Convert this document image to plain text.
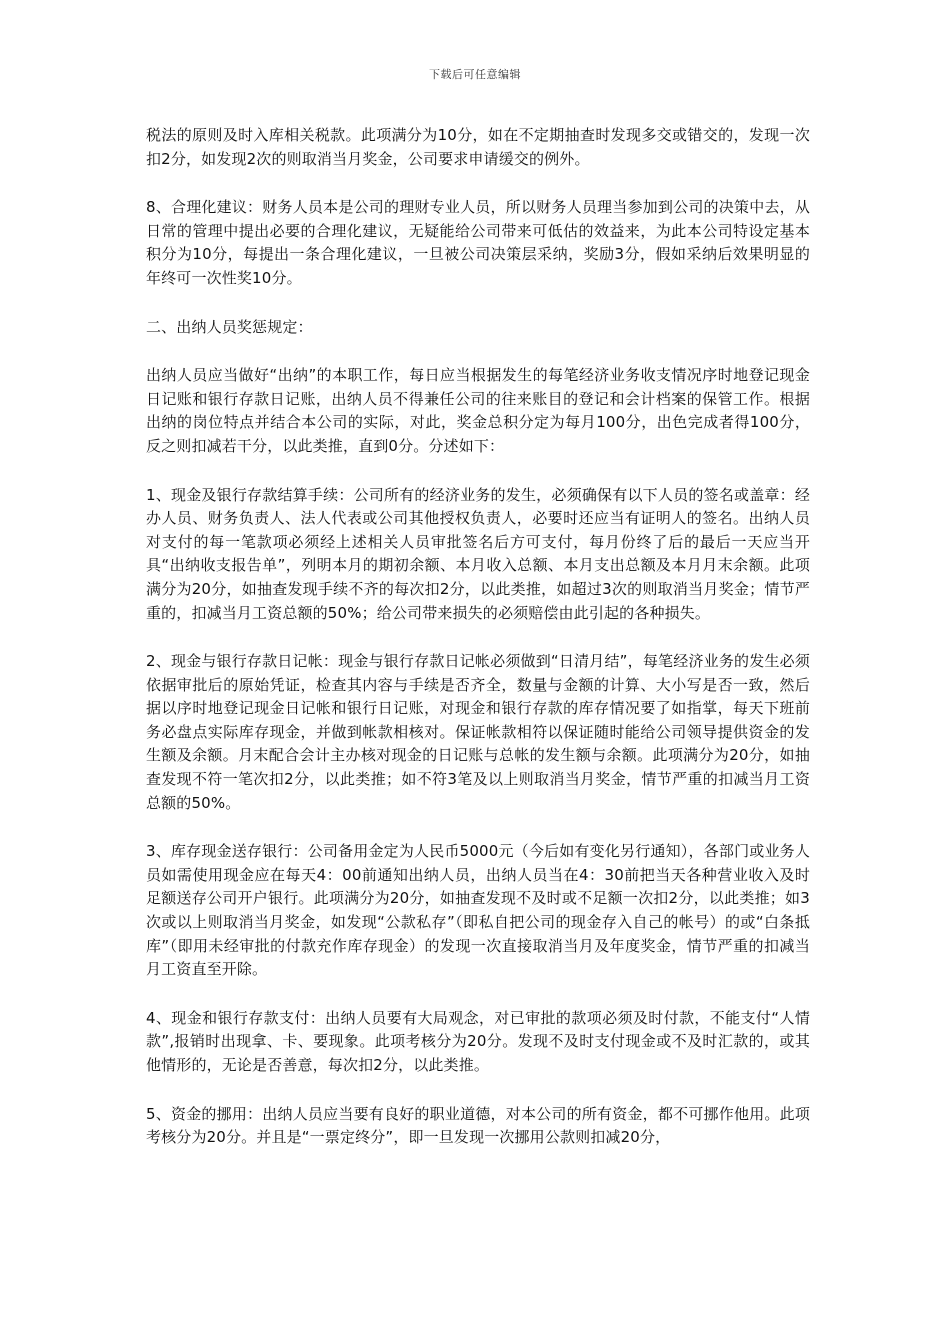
下载后可任意编辑

税法的原则及时入库相关税款。此项满分为10分，如在不定期抽查时发现多交或错交的，发现一次扣2分，如发现2次的则取消当月奖金，公司要求申请缓交的例外。

8、合理化建议：财务人员本是公司的理财专业人员，所以财务人员理当参加到公司的决策中去，从日常的管理中提出必要的合理化建议，无疑能给公司带来可低估的效益来，为此本公司特设定基本积分为10分，每提出一条合理化建议，一旦被公司决策层采纳，奖励3分，假如采纳后效果明显的年终可一次性奖10分。

二、出纳人员奖惩规定：

出纳人员应当做好“出纳”的本职工作，每日应当根据发生的每笔经济业务收支情况序时地登记现金日记账和银行存款日记账，出纳人员不得兼任公司的往来账目的登记和会计档案的保管工作。根据出纳的岗位特点并结合本公司的实际，对此，奖金总积分定为每月100分，出色完成者得100分，反之则扣减若干分，以此类推，直到0分。分述如下：

1、现金及银行存款结算手续：公司所有的经济业务的发生，必须确保有以下人员的签名或盖章：经办人员、财务负责人、法人代表或公司其他授权负责人，必要时还应当有证明人的签名。出纳人员对支付的每一笔款项必须经上述相关人员审批签名后方可支付，每月份终了后的最后一天应当开具“出纳收支报告单”，列明本月的期初余额、本月收入总额、本月支出总额及本月月末余额。此项满分为20分，如抽查发现手续不齐的每次扣2分，以此类推，如超过3次的则取消当月奖金；情节严重的，扣减当月工资总额的50%；给公司带来损失的必须赔偿由此引起的各种损失。

2、现金与银行存款日记帐：现金与银行存款日记帐必须做到“日清月结”，每笔经济业务的发生必须依据审批后的原始凭证，检查其内容与手续是否齐全，数量与金额的计算、大小写是否一致，然后据以序时地登记现金日记帐和银行日记账，对现金和银行存款的库存情况要了如指掌，每天下班前务必盘点实际库存现金，并做到帐款相核对。保证帐款相符以保证随时能给公司领导提供资金的发生额及余额。月末配合会计主办核对现金的日记账与总帐的发生额与余额。此项满分为20分，如抽查发现不符一笔次扣2分，以此类推；如不符3笔及以上则取消当月奖金，情节严重的扣减当月工资总额的50%。

3、库存现金送存银行：公司备用金定为人民币5000元（今后如有变化另行通知），各部门或业务人员如需使用现金应在每天4：00前通知出纳人员，出纳人员当在4：30前把当天各种营业收入及时足额送存公司开户银行。此项满分为20分，如抽查发现不及时或不足额一次扣2分，以此类推；如3次或以上则取消当月奖金，如发现“公款私存”（即私自把公司的现金存入自己的帐号）的或“白条抵库”（即用未经审批的付款充作库存现金）的发现一次直接取消当月及年度奖金，情节严重的扣减当月工资直至开除。

4、现金和银行存款支付：出纳人员要有大局观念，对已审批的款项必须及时付款，不能支付“人情款”,报销时出现拿、卡、要现象。此项考核分为20分。发现不及时支付现金或不及时汇款的，或其他情形的，无论是否善意，每次扣2分，以此类推。

5、资金的挪用：出纳人员应当要有良好的职业道德，对本公司的所有资金，都不可挪作他用。此项考核分为20分。并且是“一票定终分”，即一旦发现一次挪用公款则扣减20分，
